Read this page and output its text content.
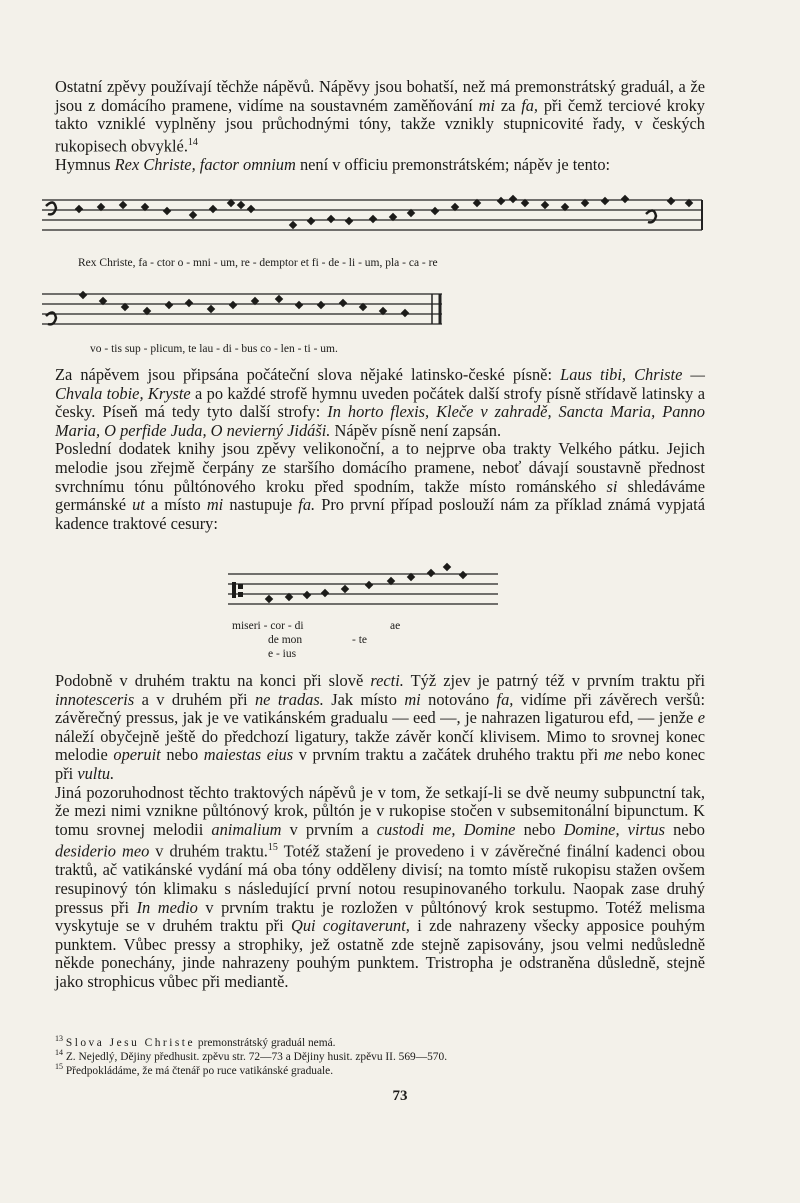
Ostatní zpěvy používají těchže nápěvů. Nápěvy jsou bohatší, než má premonstrátský graduál, a že jsou z domácího pramene, vidíme na soustavném zaměňování mi za fa, při čemž terciové kroky takto vzniklé vyplněny jsou průchodnými tóny, takže vznikly stupnicovité řady, v českých rukopisech obvyklé.$^{14}$

Hymnus Rex Christe, factor omnium není v officiu premonstrátském; nápěv je tento:

Rex Christe, fa - ctor o - mni - um, re - demptor et fi - de - li - um, pla - ca - re
vo - tis sup - plicum, te lau - di - bus co - len - ti - um.

Za nápěvem jsou připsána počáteční slova nějaké latinsko-české písně: Laus tibi, Christe — Chvala tobie, Kryste a po každé strofě hymnu uveden počátek další strofy písně střídavě latinsky a česky. Píseň má tedy tyto další strofy: In horto flexis, Kleče v zahradě, Sancta Maria, Panno Maria, O perfide Juda, O nevierný Jidáši. Nápěv písně není zapsán.

Poslední dodatek knihy jsou zpěvy velikonoční, a to nejprve oba trakty Velkého pátku. Jejich melodie jsou zřejmě čerpány ze staršího domácího pramene, neboť dávají soustavně přednost svrchnímu tónu půltónového kroku před spodním, takže místo románského si shledáváme germánské ut a místo mi nastupuje fa. Pro první případ poslouží nám za příklad známá vypjatá kadence traktové cesury:

miseri - cor - di	ae
de mon	- te
e - ius

Podobně v druhém traktu na konci při slově recti. Týž zjev je patrný též v prvním traktu při innotesceris a v druhém při ne tradas. Jak místo mi notováno fa, vidíme při závěrech veršů: závěrečný pressus, jak je ve vatikánském gradualu — eed —, je nahrazen ligaturou efd, — jenže e náleží obyčejně ještě do předchozí ligatury, takže závěr končí klivisem. Mimo to srovnej konec melodie operuit nebo maiestas eius v prvním traktu a začátek druhého traktu při me nebo konec při vultu.

Jiná pozoruhodnost těchto traktových nápěvů je v tom, že setkají-li se dvě neumy subpunctní tak, že mezi nimi vznikne půltónový krok, půltón je v rukopise stočen v subsemitonální bipunctum. K tomu srovnej melodii animalium v prvním a custodi me, Domine nebo Domine, virtus nebo desiderio meo v druhém traktu.$^{15}$ Totéž stažení je provedeno i v závěrečné finální kadenci obou traktů, ač vatikánské vydání má oba tóny odděleny divisí; na tomto místě rukopisu stažen ovšem resupinový tón klimaku s následující první notou resupinovaného torkulu. Naopak zase druhý pressus při In medio v prvním traktu je rozložen v půltónový krok sestupmo. Totéž melisma vyskytuje se v druhém traktu při Qui cogitaverunt, i zde nahrazeny všecky apposice pouhým punktem. Vůbec pressy a strophiky, jež ostatně zde stejně zapisovány, jsou velmi nedůsledně někde ponechány, jinde nahrazeny pouhým punktem. Tristropha je odstraněna důsledně, stejně jako strophicus vůbec při mediantě.

$^{13}$ Slova Jesu Christe premonstrátský graduál nemá.
$^{14}$ Z. Nejedlý, Dějiny předhusit. zpěvu str. 72—73 a Dějiny husit. zpěvu II. 569—570.
$^{15}$ Předpokládáme, že má čtenář po ruce vatikánské graduale.
73
